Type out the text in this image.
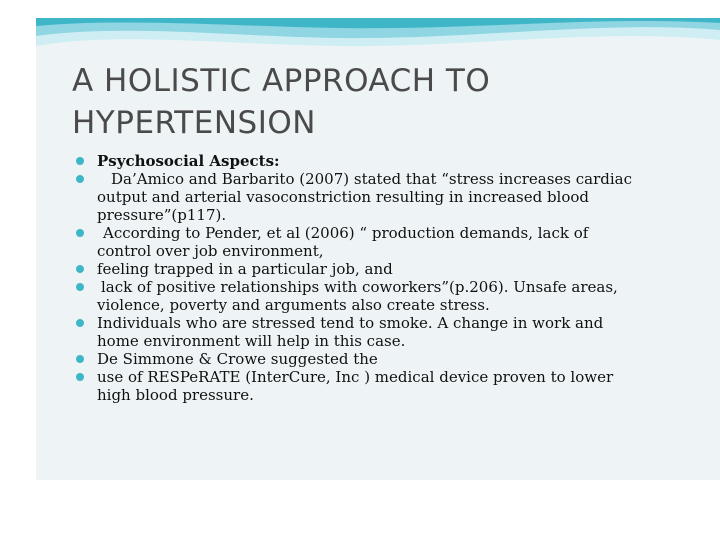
A HOLISTIC APPROACH TO
HYPERTENSION
Psychosocial Aspects:
Da’Amico and Barbarito (2007) stated that “stress increases cardiac output and arterial vasoconstriction resulting in increased blood pressure”(p117).
According to Pender, et al (2006) “ production demands, lack of control over job environment,
feeling trapped in a particular job, and
lack of positive relationships with coworkers”(p.206). Unsafe areas, violence, poverty and arguments also create stress.
Individuals who are stressed tend to smoke. A change in work and home environment will help in this case.
De Simmone & Crowe suggested the
use of RESPeRATE (InterCure, Inc ) medical device proven to lower high blood pressure.
